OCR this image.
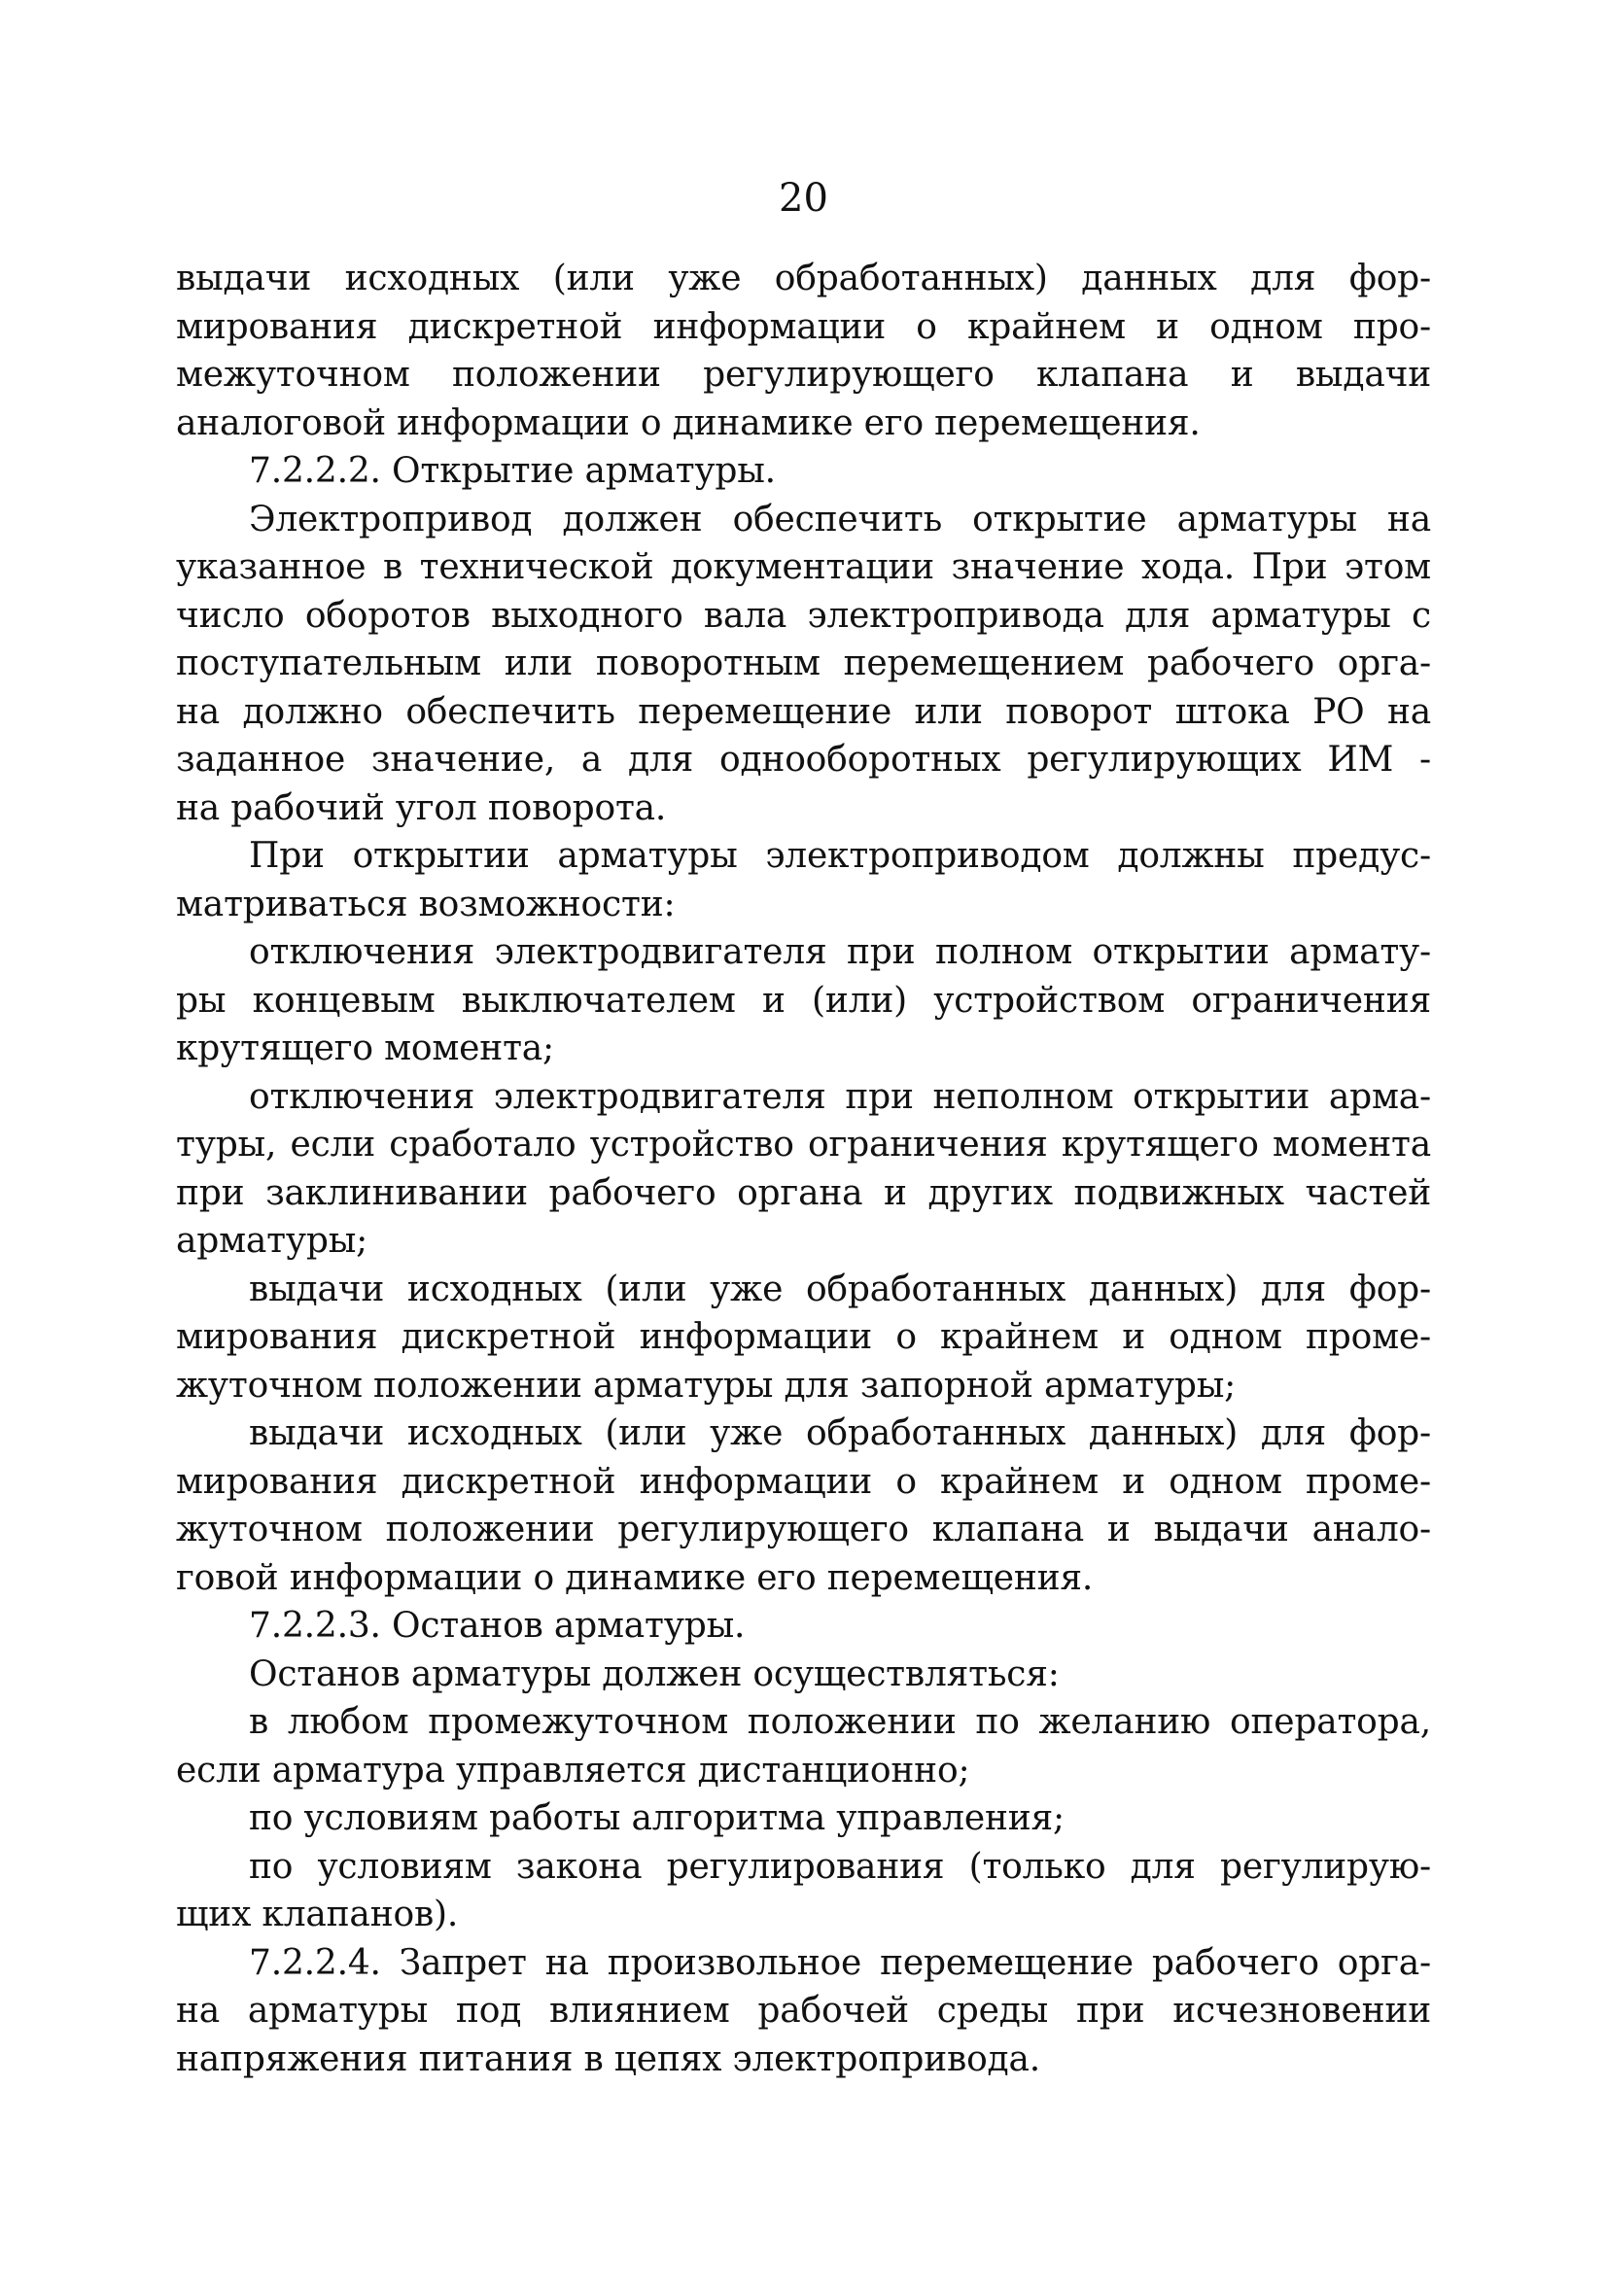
20
выдачи исходных (или уже обработанных) данных для фор-
мирования дискретной информации о крайнем и одном про-
межуточном положении регулирующего клапана и выдачи
аналоговой информации о динамике его перемещения.
7.2.2.2. Открытие арматуры.
Электропривод должен обеспечить открытие арматуры на
указанное в технической документации значение хода. При этом
число оборотов выходного вала электропривода для арматуры с
поступательным или поворотным перемещением рабочего орга-
на должно обеспечить перемещение или поворот штока РО на
заданное значение, а для однооборотных регулирующих ИМ -
на рабочий угол поворота.
При открытии арматуры электроприводом должны предус-
матриваться возможности:
отключения электродвигателя при полном открытии армату-
ры концевым выключателем и (или) устройством ограничения
крутящего момента;
отключения электродвигателя при неполном открытии арма-
туры, если сработало устройство ограничения крутящего момента
при заклинивании рабочего органа и других подвижных частей
арматуры;
выдачи исходных (или уже обработанных данных) для фор-
мирования дискретной информации о крайнем и одном проме-
жуточном положении арматуры для запорной арматуры;
выдачи исходных (или уже обработанных данных) для фор-
мирования дискретной информации о крайнем и одном проме-
жуточном положении регулирующего клапана и выдачи анало-
говой информации о динамике его перемещения.
7.2.2.3. Останов арматуры.
Останов арматуры должен осуществляться:
в любом промежуточном положении по желанию оператора,
если арматура управляется дистанционно;
по условиям работы алгоритма управления;
по условиям закона регулирования (только для регулирую-
щих клапанов).
7.2.2.4. Запрет на произвольное перемещение рабочего орга-
на арматуры под влиянием рабочей среды при исчезновении
напряжения питания в цепях электропривода.
